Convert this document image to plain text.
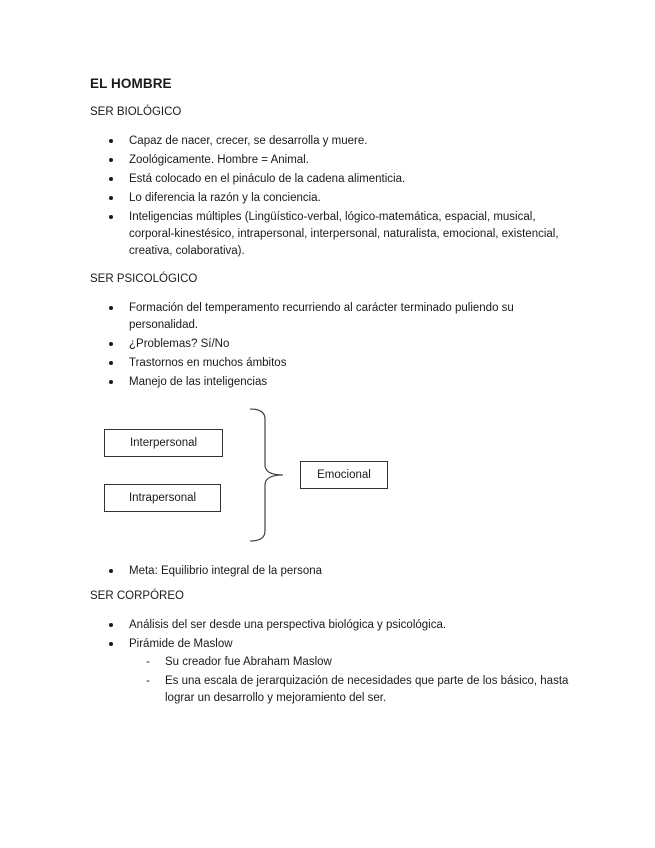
EL HOMBRE
SER BIOLÓGICO
Capaz de nacer, crecer, se desarrolla y muere.
Zoológicamente. Hombre = Animal.
Está colocado en el pináculo de la cadena alimenticia.
Lo diferencia la razón y la conciencia.
Inteligencias múltiples (Lingüístico-verbal, lógico-matemática, espacial, musical, corporal-kinestésico, intrapersonal, interpersonal, naturalista, emocional, existencial, creativa, colaborativa).
SER PSICOLÓGICO
Formación del temperamento recurriendo al carácter terminado puliendo su personalidad.
¿Problemas? Sí/No
Trastornos en muchos ámbitos
Manejo de las inteligencias
Interpersonal
Intrapersonal
Emocional
Meta: Equilibrio integral de la persona
SER CORPÓREO
Análisis del ser desde una perspectiva biológica y psicológica.
Pirámide de Maslow
- Su creador fue Abraham Maslow
- Es una escala de jerarquización de necesidades que parte de los básico, hasta lograr un desarrollo y mejoramiento del ser.
